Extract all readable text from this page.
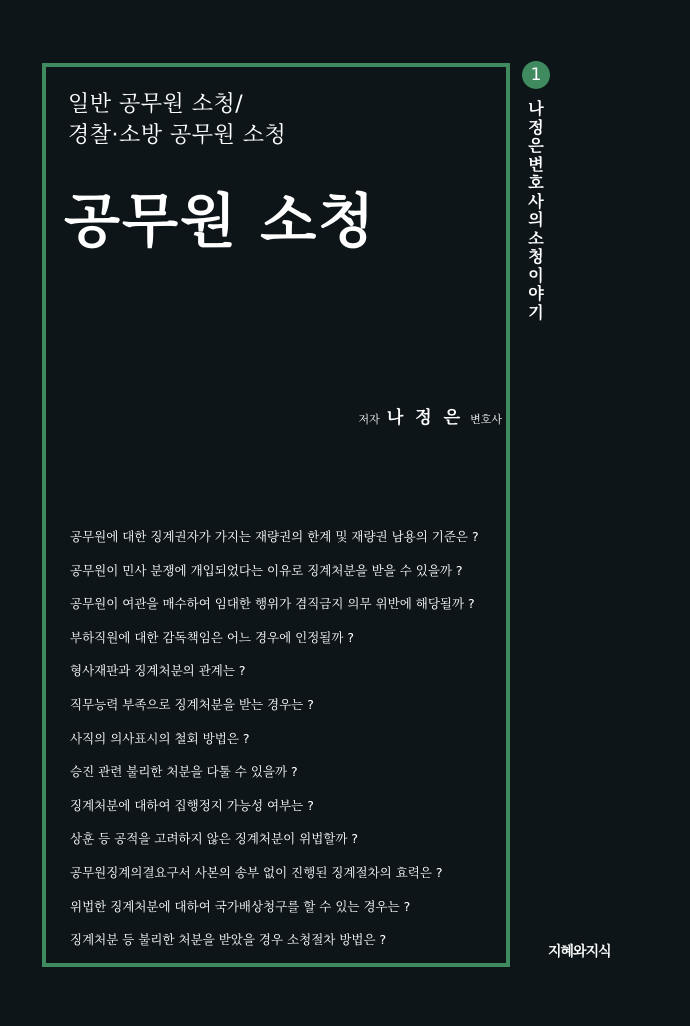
일반 공무원 소청/
경찰·소방 공무원 소청
공무원 소청
저자 나 정 은 변호사
공무원에 대한 징계권자가 가지는 재량권의 한계 및 재량권 남용의 기준은 ?
공무원이 민사 분쟁에 개입되었다는 이유로 징계처분을 받을 수 있을까 ?
공무원이 여관을 매수하여 임대한 행위가 겸직금지 의무 위반에 해당될까 ?
부하직원에 대한 감독책임은 어느 경우에 인정될까 ?
형사재판과 징계처분의 관계는 ?
직무능력 부족으로 징계처분을 받는 경우는 ?
사직의 의사표시의 철회 방법은 ?
승진 관련 불리한 처분을 다툴 수 있을까 ?
징계처분에 대하여 집행정지 가능성 여부는 ?
상훈 등 공적을 고려하지 않은 징계처분이 위법할까 ?
공무원징계의결요구서 사본의 송부 없이 진행된 징계절차의 효력은 ?
위법한 징계처분에 대하여 국가배상청구를 할 수 있는 경우는 ?
징계처분 등 불리한 처분을 받았을 경우 소청절차 방법은 ?
1
나정은변호사의소청이야기
지혜와지식
